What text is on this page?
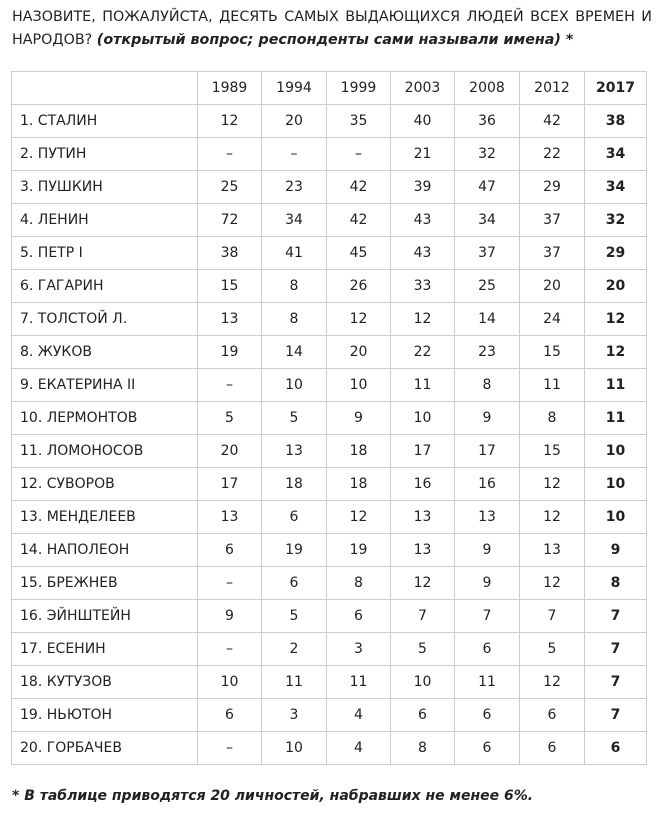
НАЗОВИТЕ, ПОЖАЛУЙСТА, ДЕСЯТЬ САМЫХ ВЫДАЮЩИХСЯ ЛЮДЕЙ ВСЕХ ВРЕМЕН И НАРОДОВ? (открытый вопрос; респонденты сами называли имена) *
	1989	1994	1999	2003	2008	2012	2017
1. СТАЛИН	12	20	35	40	36	42	38
2. ПУТИН	–	–	–	21	32	22	34
3. ПУШКИН	25	23	42	39	47	29	34
4. ЛЕНИН	72	34	42	43	34	37	32
5. ПЕТР I	38	41	45	43	37	37	29
6. ГАГАРИН	15	8	26	33	25	20	20
7. ТОЛСТОЙ Л.	13	8	12	12	14	24	12
8. ЖУКОВ	19	14	20	22	23	15	12
9. ЕКАТЕРИНА II	–	10	10	11	8	11	11
10. ЛЕРМОНТОВ	5	5	9	10	9	8	11
11. ЛОМОНОСОВ	20	13	18	17	17	15	10
12. СУВОРОВ	17	18	18	16	16	12	10
13. МЕНДЕЛЕЕВ	13	6	12	13	13	12	10
14. НАПОЛЕОН	6	19	19	13	9	13	9
15. БРЕЖНЕВ	–	6	8	12	9	12	8
16. ЭЙНШТЕЙН	9	5	6	7	7	7	7
17. ЕСЕНИН	–	2	3	5	6	5	7
18. КУТУЗОВ	10	11	11	10	11	12	7
19. НЬЮТОН	6	3	4	6	6	6	7
20. ГОРБАЧЕВ	–	10	4	8	6	6	6
* В таблице приводятся 20 личностей, набравших не менее 6%.
